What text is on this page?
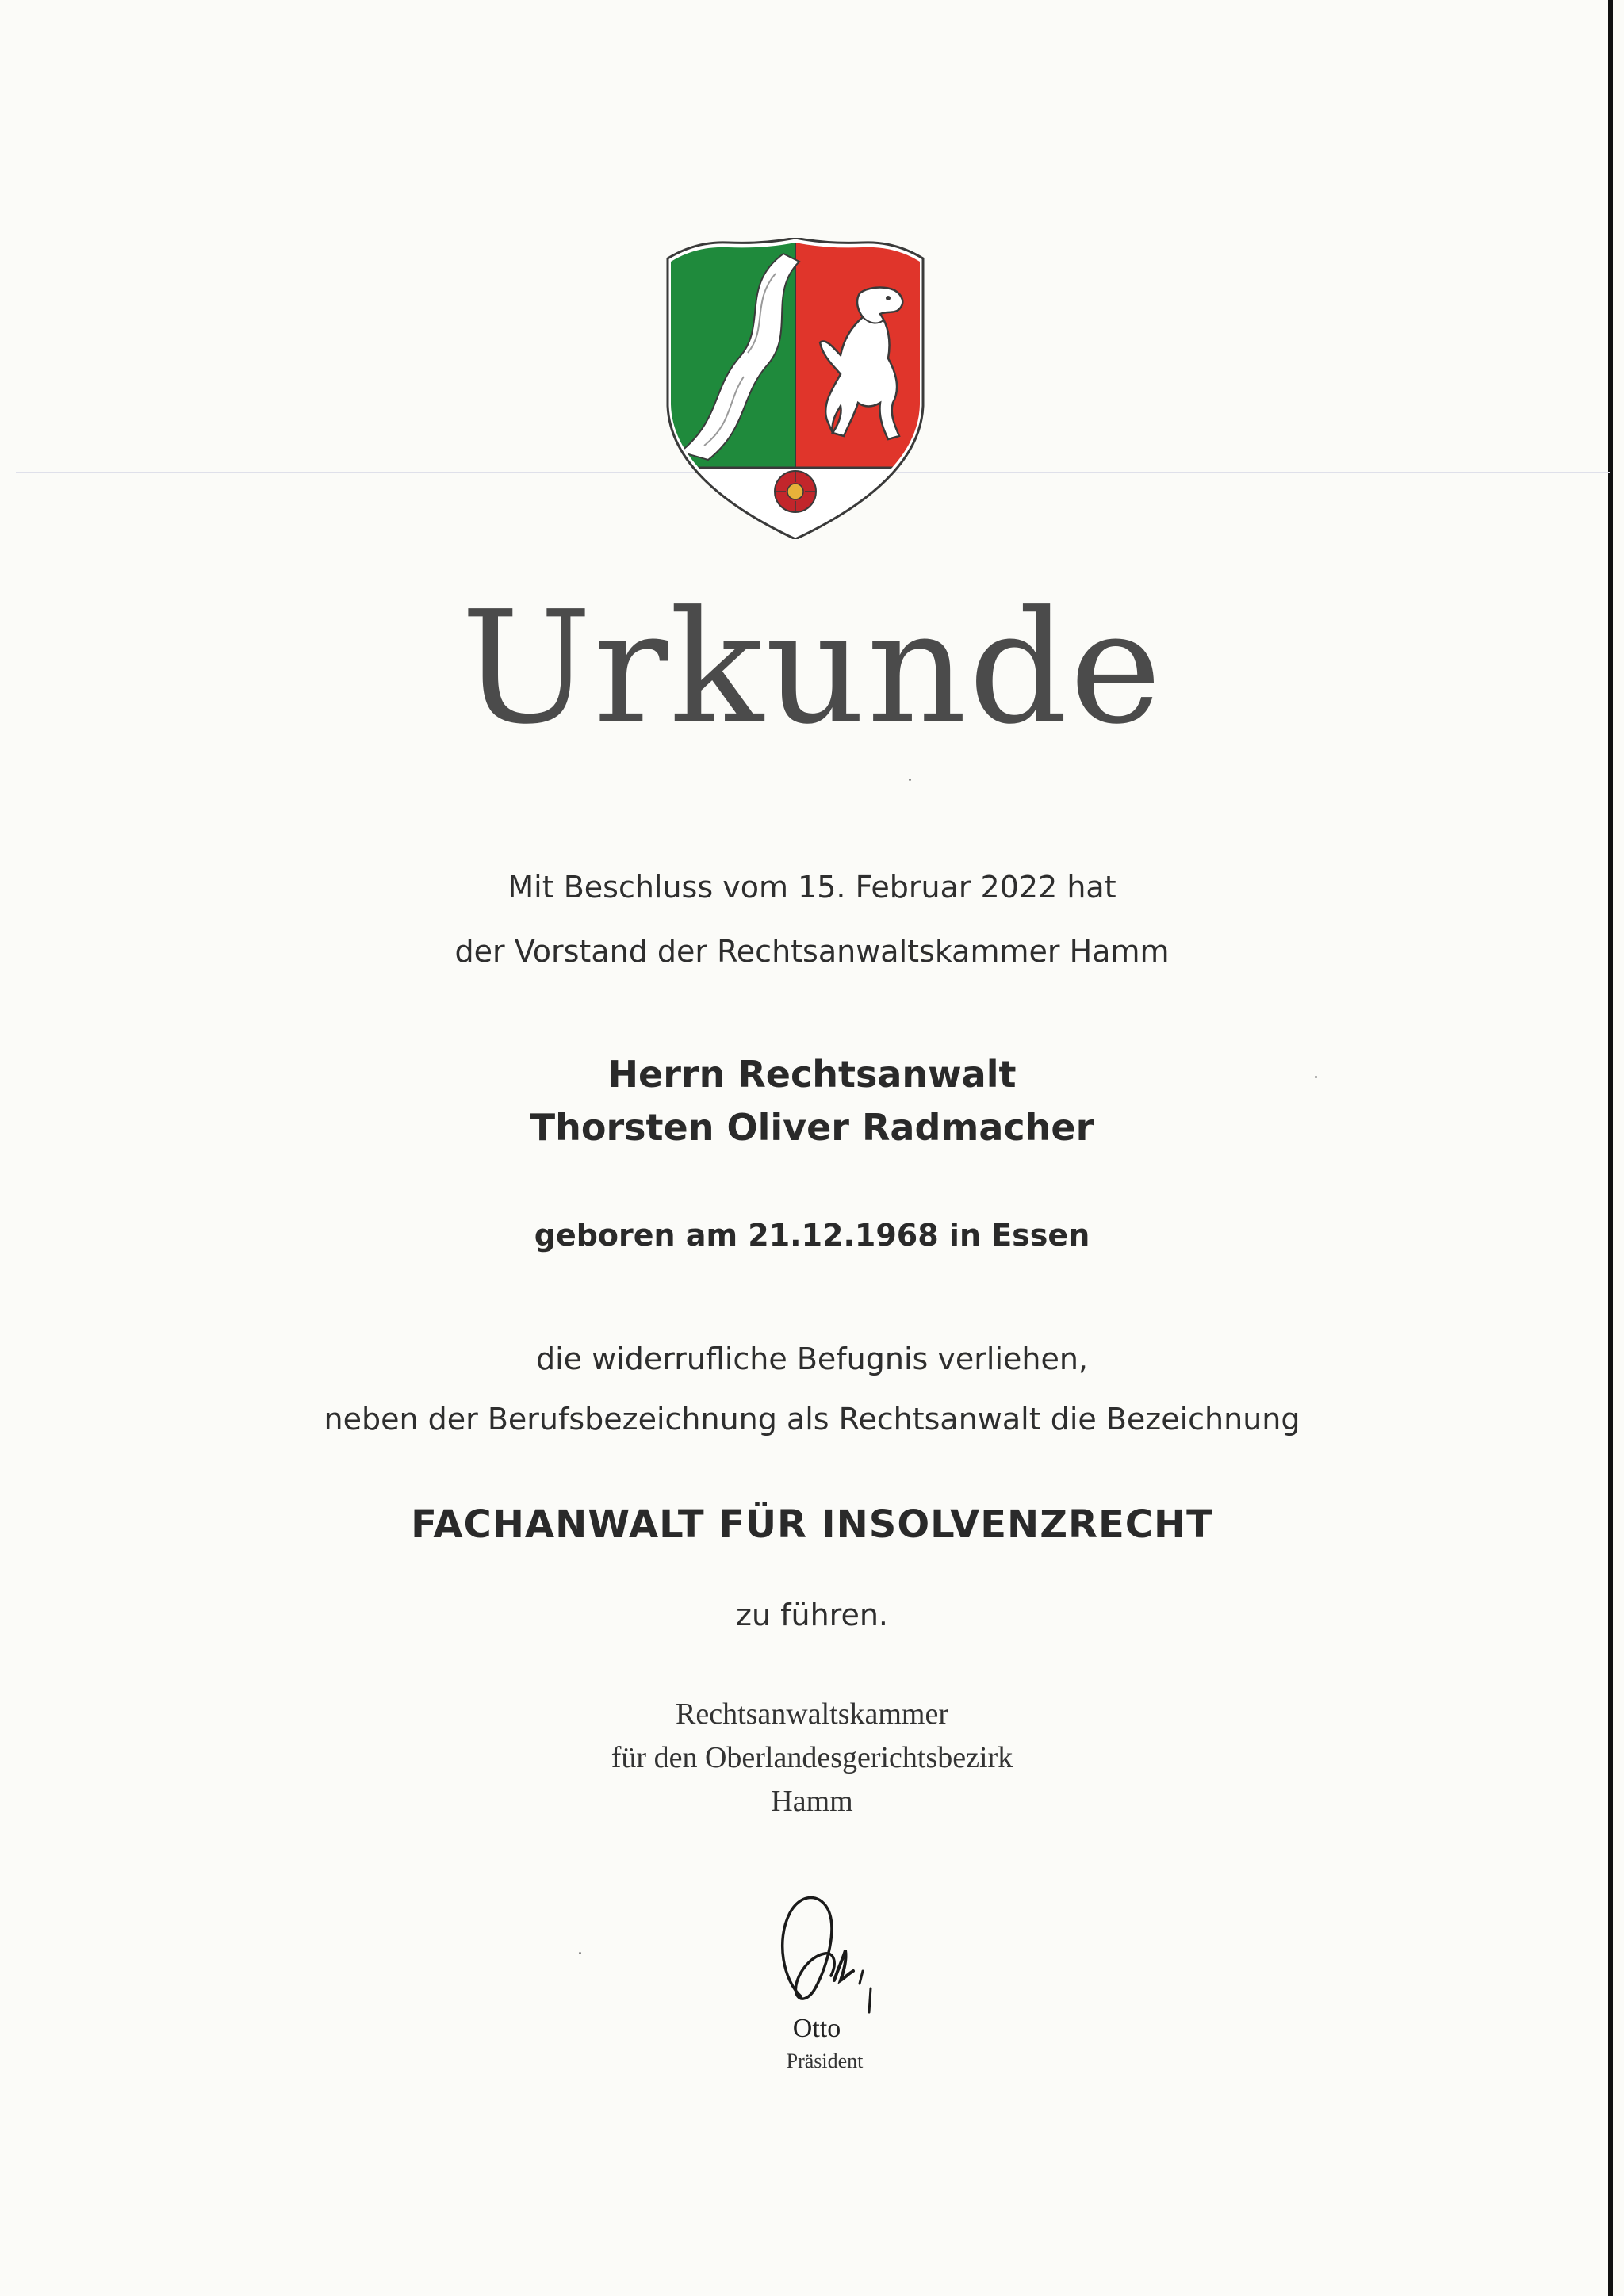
Urkunde
Mit Beschluss vom 15. Februar 2022 hat
der Vorstand der Rechtsanwaltskammer Hamm
Herrn Rechtsanwalt
Thorsten Oliver Radmacher
geboren am 21.12.1968 in Essen
die widerrufliche Befugnis verliehen,
neben der Berufsbezeichnung als Rechtsanwalt die Bezeichnung
FACHANWALT FÜR INSOLVENZRECHT
zu führen.
Rechtsanwaltskammer
für den Oberlandesgerichtsbezirk
Hamm
Otto
Präsident
